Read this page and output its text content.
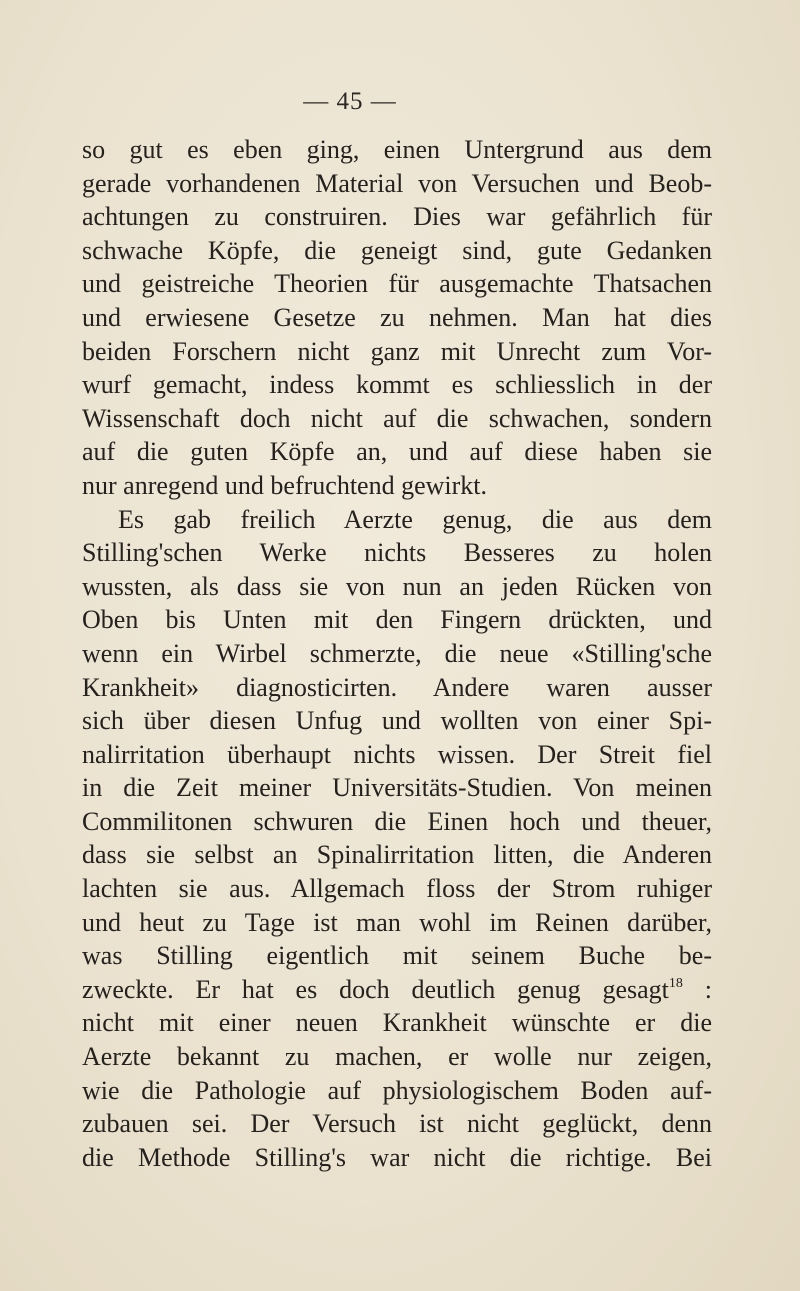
— 45 —
so gut es eben ging, einen Untergrund aus dem
gerade vorhandenen Material von Versuchen und Beob-
achtungen zu construiren. Dies war gefährlich für
schwache Köpfe, die geneigt sind, gute Gedanken
und geistreiche Theorien für ausgemachte Thatsachen
und erwiesene Gesetze zu nehmen. Man hat dies
beiden Forschern nicht ganz mit Unrecht zum Vor-
wurf gemacht, indess kommt es schliesslich in der
Wissenschaft doch nicht auf die schwachen, sondern
auf die guten Köpfe an, und auf diese haben sie
nur anregend und befruchtend gewirkt.
Es gab freilich Aerzte genug, die aus dem
Stilling'schen Werke nichts Besseres zu holen
wussten, als dass sie von nun an jeden Rücken von
Oben bis Unten mit den Fingern drückten, und
wenn ein Wirbel schmerzte, die neue «Stilling'sche
Krankheit» diagnosticirten. Andere waren ausser
sich über diesen Unfug und wollten von einer Spi-
nalirritation überhaupt nichts wissen. Der Streit fiel
in die Zeit meiner Universitäts-Studien. Von meinen
Commilitonen schwuren die Einen hoch und theuer,
dass sie selbst an Spinalirritation litten, die Anderen
lachten sie aus. Allgemach floss der Strom ruhiger
und heut zu Tage ist man wohl im Reinen darüber,
was Stilling eigentlich mit seinem Buche be-
zweckte. Er hat es doch deutlich genug gesagt$^{18}$ :
nicht mit einer neuen Krankheit wünschte er die
Aerzte bekannt zu machen, er wolle nur zeigen,
wie die Pathologie auf physiologischem Boden auf-
zubauen sei. Der Versuch ist nicht geglückt, denn
die Methode Stilling's war nicht die richtige. Bei
